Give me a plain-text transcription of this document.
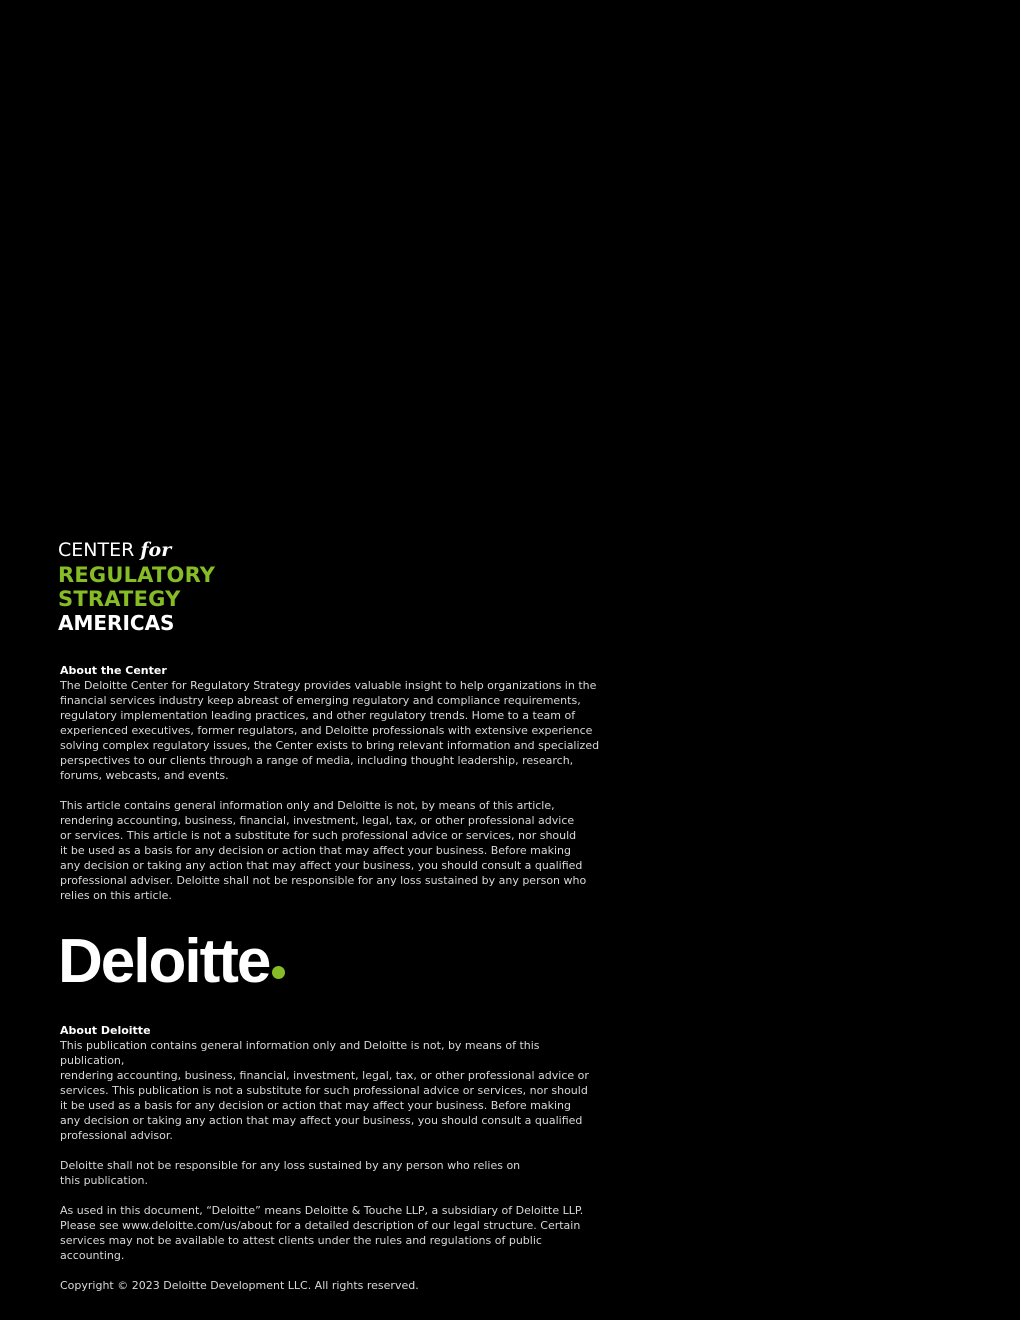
CENTER for
REGULATORY
STRATEGY
AMERICAS
About the Center

The Deloitte Center for Regulatory Strategy provides valuable insight to help organizations in the
financial services industry keep abreast of emerging regulatory and compliance requirements,
regulatory implementation leading practices, and other regulatory trends. Home to a team of
experienced executives, former regulators, and Deloitte professionals with extensive experience
solving complex regulatory issues, the Center exists to bring relevant information and specialized
perspectives to our clients through a range of media, including thought leadership, research,
forums, webcasts, and events.

This article contains general information only and Deloitte is not, by means of this article,
rendering accounting, business, financial, investment, legal, tax, or other professional advice
or services. This article is not a substitute for such professional advice or services, nor should
it be used as a basis for any decision or action that may affect your business. Before making
any decision or taking any action that may affect your business, you should consult a qualified
professional adviser. Deloitte shall not be responsible for any loss sustained by any person who
relies on this article.

Deloitte
About Deloitte

This publication contains general information only and Deloitte is not, by means of this publication,
rendering accounting, business, financial, investment, legal, tax, or other professional advice or
services. This publication is not a substitute for such professional advice or services, nor should
it be used as a basis for any decision or action that may affect your business. Before making
any decision or taking any action that may affect your business, you should consult a qualified
professional advisor.

Deloitte shall not be responsible for any loss sustained by any person who relies on
this publication.

As used in this document, “Deloitte” means Deloitte & Touche LLP, a subsidiary of Deloitte LLP.
Please see www.deloitte.com/us/about for a detailed description of our legal structure. Certain
services may not be available to attest clients under the rules and regulations of public accounting.

Copyright © 2023 Deloitte Development LLC. All rights reserved.
